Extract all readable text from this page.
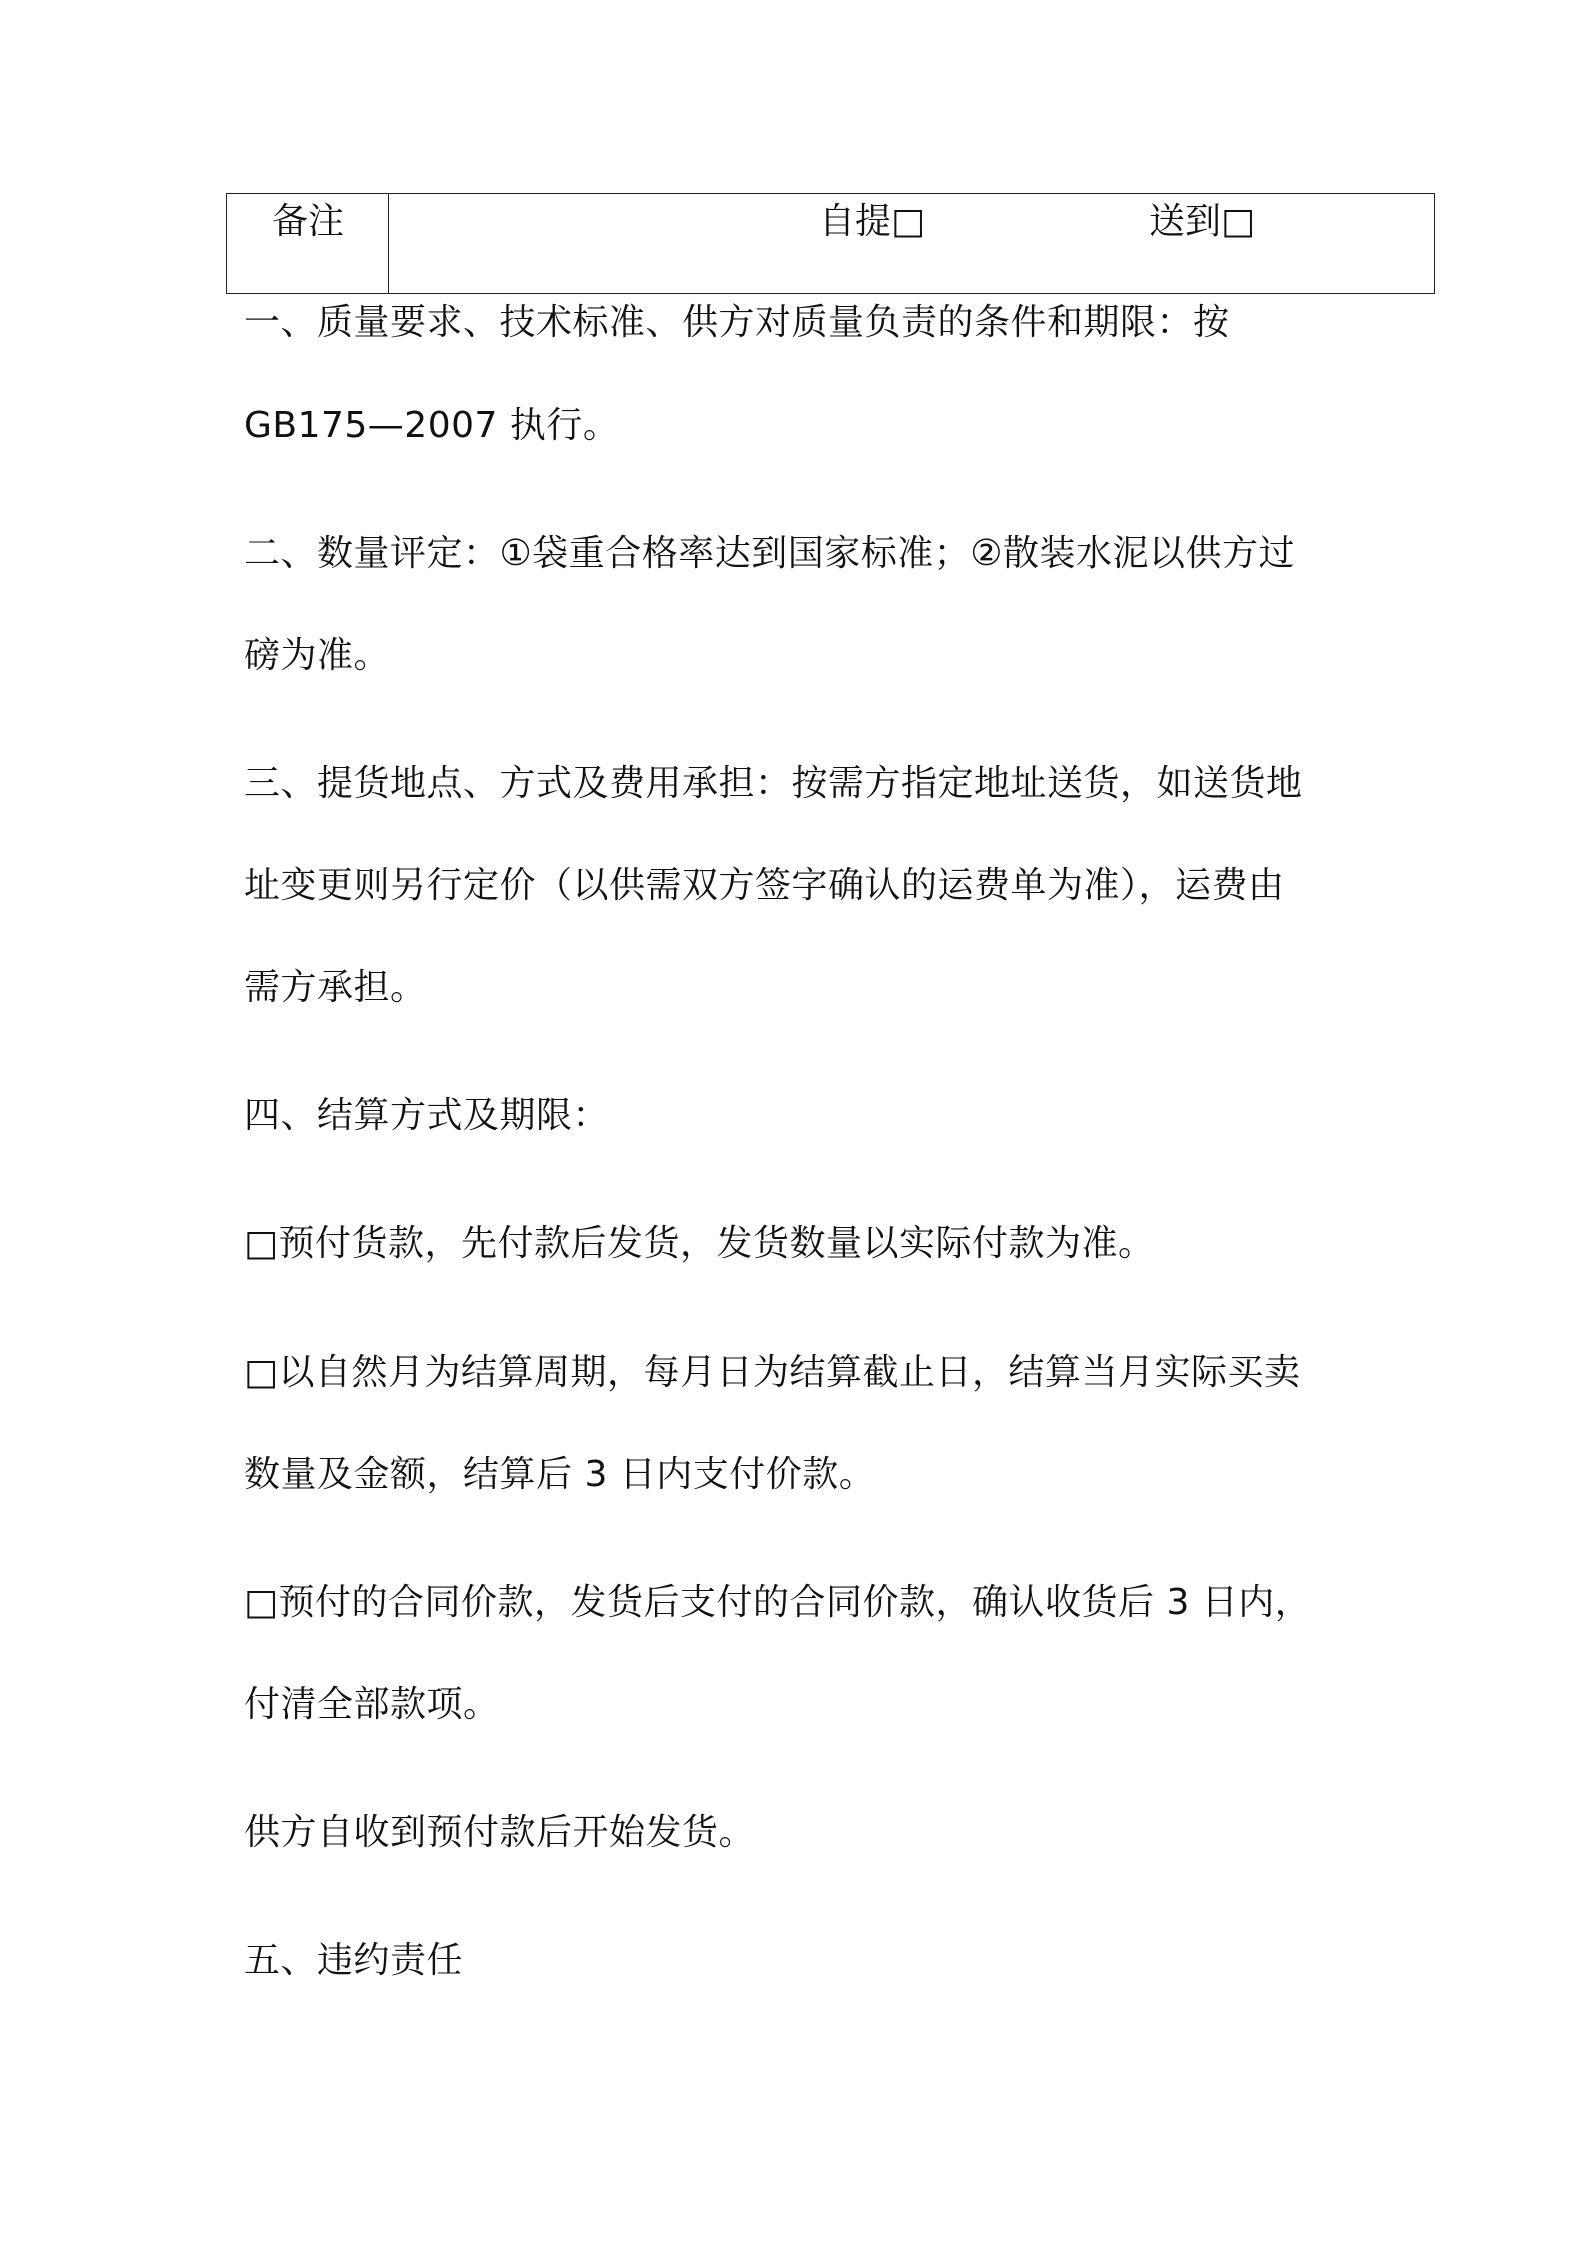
备注	自提□	送到□
一、质量要求、技术标准、供方对质量负责的条件和期限：按
GB175—2007 执行。
二、数量评定：①袋重合格率达到国家标准；②散装水泥以供方过
磅为准。
三、提货地点、方式及费用承担：按需方指定地址送货，如送货地
址变更则另行定价（以供需双方签字确认的运费单为准），运费由
需方承担。
四、结算方式及期限：
□预付货款，先付款后发货，发货数量以实际付款为准。
□以自然月为结算周期，每月日为结算截止日，结算当月实际买卖
数量及金额，结算后 3 日内支付价款。
□预付的合同价款，发货后支付的合同价款，确认收货后 3 日内，
付清全部款项。
供方自收到预付款后开始发货。
五、违约责任
